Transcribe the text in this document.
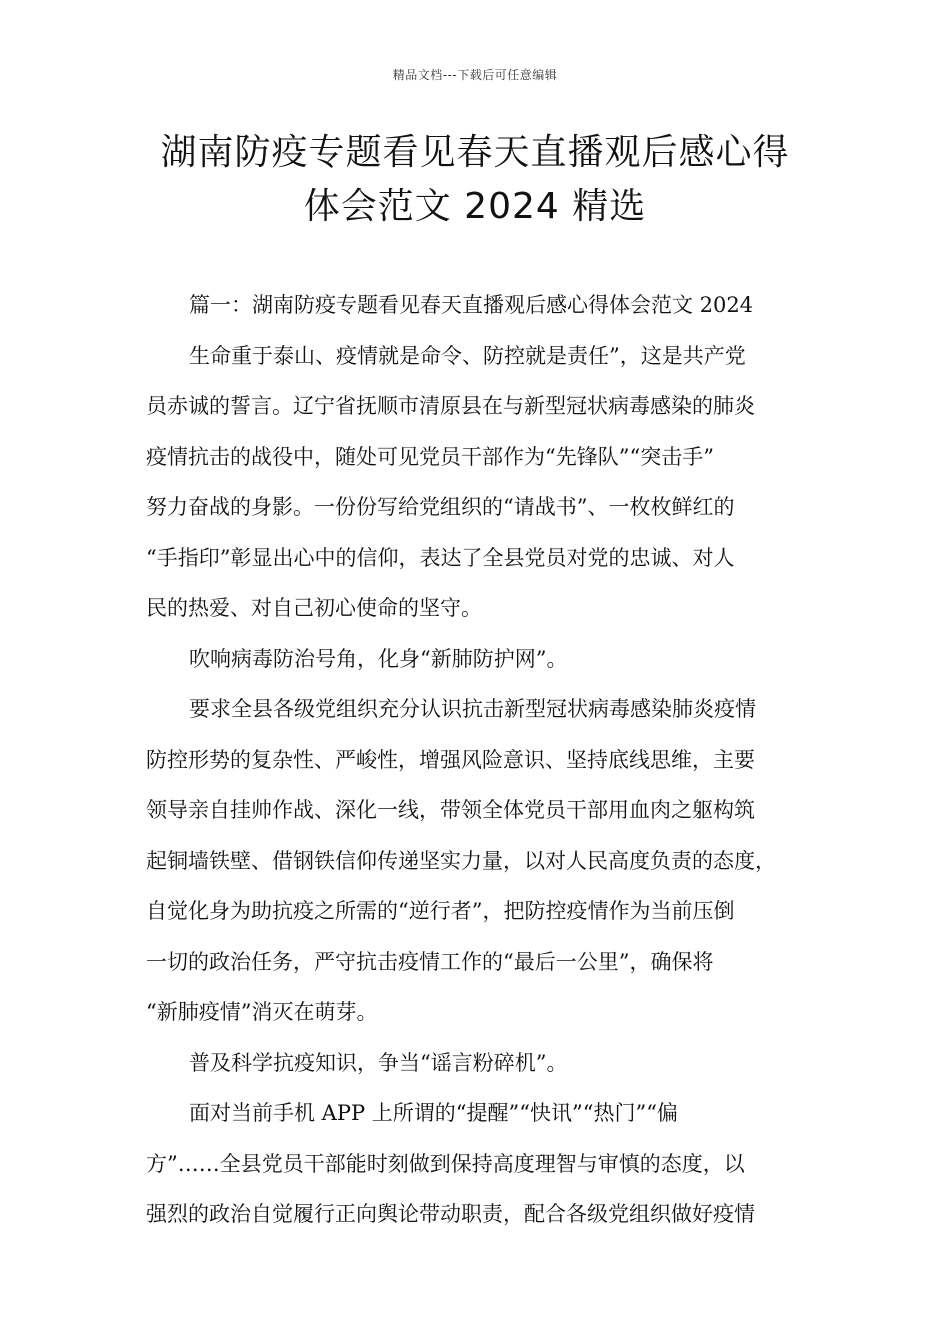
精品文档---下载后可任意编辑
湖南防疫专题看见春天直播观后感心得
体会范文 2024 精选

篇一：湖南防疫专题看见春天直播观后感心得体会范文 2024

生命重于泰山、疫情就是命令、防控就是责任”，这是共产党

员赤诚的誓言。辽宁省抚顺市清原县在与新型冠状病毒感染的肺炎

疫情抗击的战役中，随处可见党员干部作为“先锋队”“突击手”

努力奋战的身影。一份份写给党组织的“请战书”、一枚枚鲜红的

“手指印”彰显出心中的信仰，表达了全县党员对党的忠诚、对人

民的热爱、对自己初心使命的坚守。

吹响病毒防治号角，化身“新肺防护网”。

要求全县各级党组织充分认识抗击新型冠状病毒感染肺炎疫情

防控形势的复杂性、严峻性，增强风险意识、坚持底线思维，主要

领导亲自挂帅作战、深化一线，带领全体党员干部用血肉之躯构筑

起铜墙铁壁、借钢铁信仰传递坚实力量，以对人民高度负责的态度，

自觉化身为助抗疫之所需的“逆行者”，把防控疫情作为当前压倒

一切的政治任务，严守抗击疫情工作的“最后一公里”，确保将

“新肺疫情”消灭在萌芽。

普及科学抗疫知识，争当“谣言粉碎机”。

面对当前手机 APP 上所谓的“提醒”“快讯”“热门”“偏

方”……全县党员干部能时刻做到保持高度理智与审慎的态度，以

强烈的政治自觉履行正向舆论带动职责，配合各级党组织做好疫情
